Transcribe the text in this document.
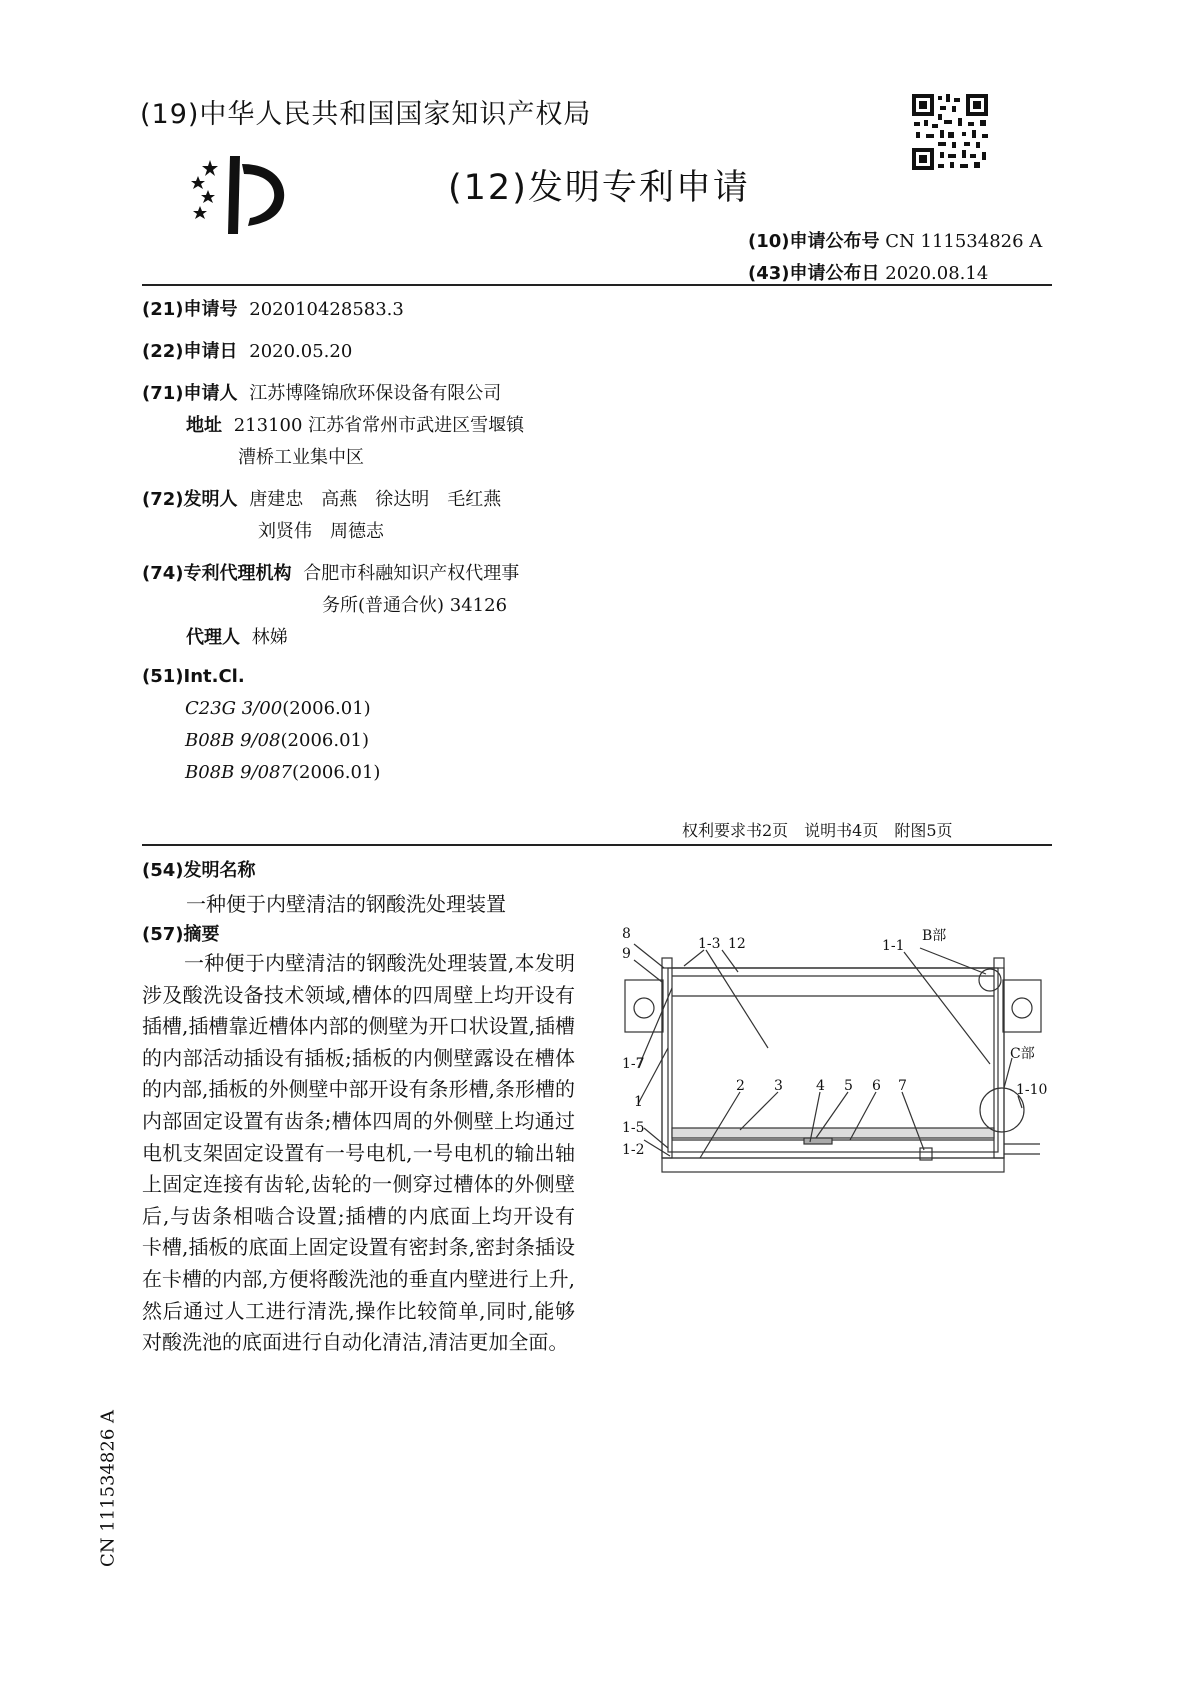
(19)中华人民共和国国家知识产权局
(12)发明专利申请
(10)申请公布号 CN 111534826 A
(43)申请公布日 2020.08.14
(21)申请号 202010428583.3
(22)申请日 2020.05.20
(71)申请人 江苏博隆锦欣环保设备有限公司
地址 213100 江苏省常州市武进区雪堰镇
漕桥工业集中区
(72)发明人 唐建忠　高燕　徐达明　毛红燕
刘贤伟　周德志
(74)专利代理机构 合肥市科融知识产权代理事
务所(普通合伙) 34126
代理人 林娣
(51)Int.Cl.
C23G 3/00(2006.01)
B08B 9/08(2006.01)
B08B 9/087(2006.01)
权利要求书2页　说明书4页　附图5页
(54)发明名称
一种便于内壁清洁的钢酸洗处理装置
(57)摘要
一种便于内壁清洁的钢酸洗处理装置,本发明涉及酸洗设备技术领域,槽体的四周壁上均开设有插槽,插槽靠近槽体内部的侧壁为开口状设置,插槽的内部活动插设有插板;插板的内侧壁露设在槽体的内部,插板的外侧壁中部开设有条形槽,条形槽的内部固定设置有齿条;槽体四周的外侧壁上均通过电机支架固定设置有一号电机,一号电机的输出轴上固定连接有齿轮,齿轮的一侧穿过槽体的外侧壁后,与齿条相啮合设置;插槽的内底面上均开设有卡槽,插板的底面上固定设置有密封条,密封条插设在卡槽的内部,方便将酸洗池的垂直内壁进行上升,然后通过人工进行清洗,操作比较简单,同时,能够对酸洗池的底面进行自动化清洁,清洁更加全面。
CN 111534826 A
8
9
1-3 12	B部
1-1
1-7
C部
2 3 4 5 6 7	1-10
1
1-5
1-2
